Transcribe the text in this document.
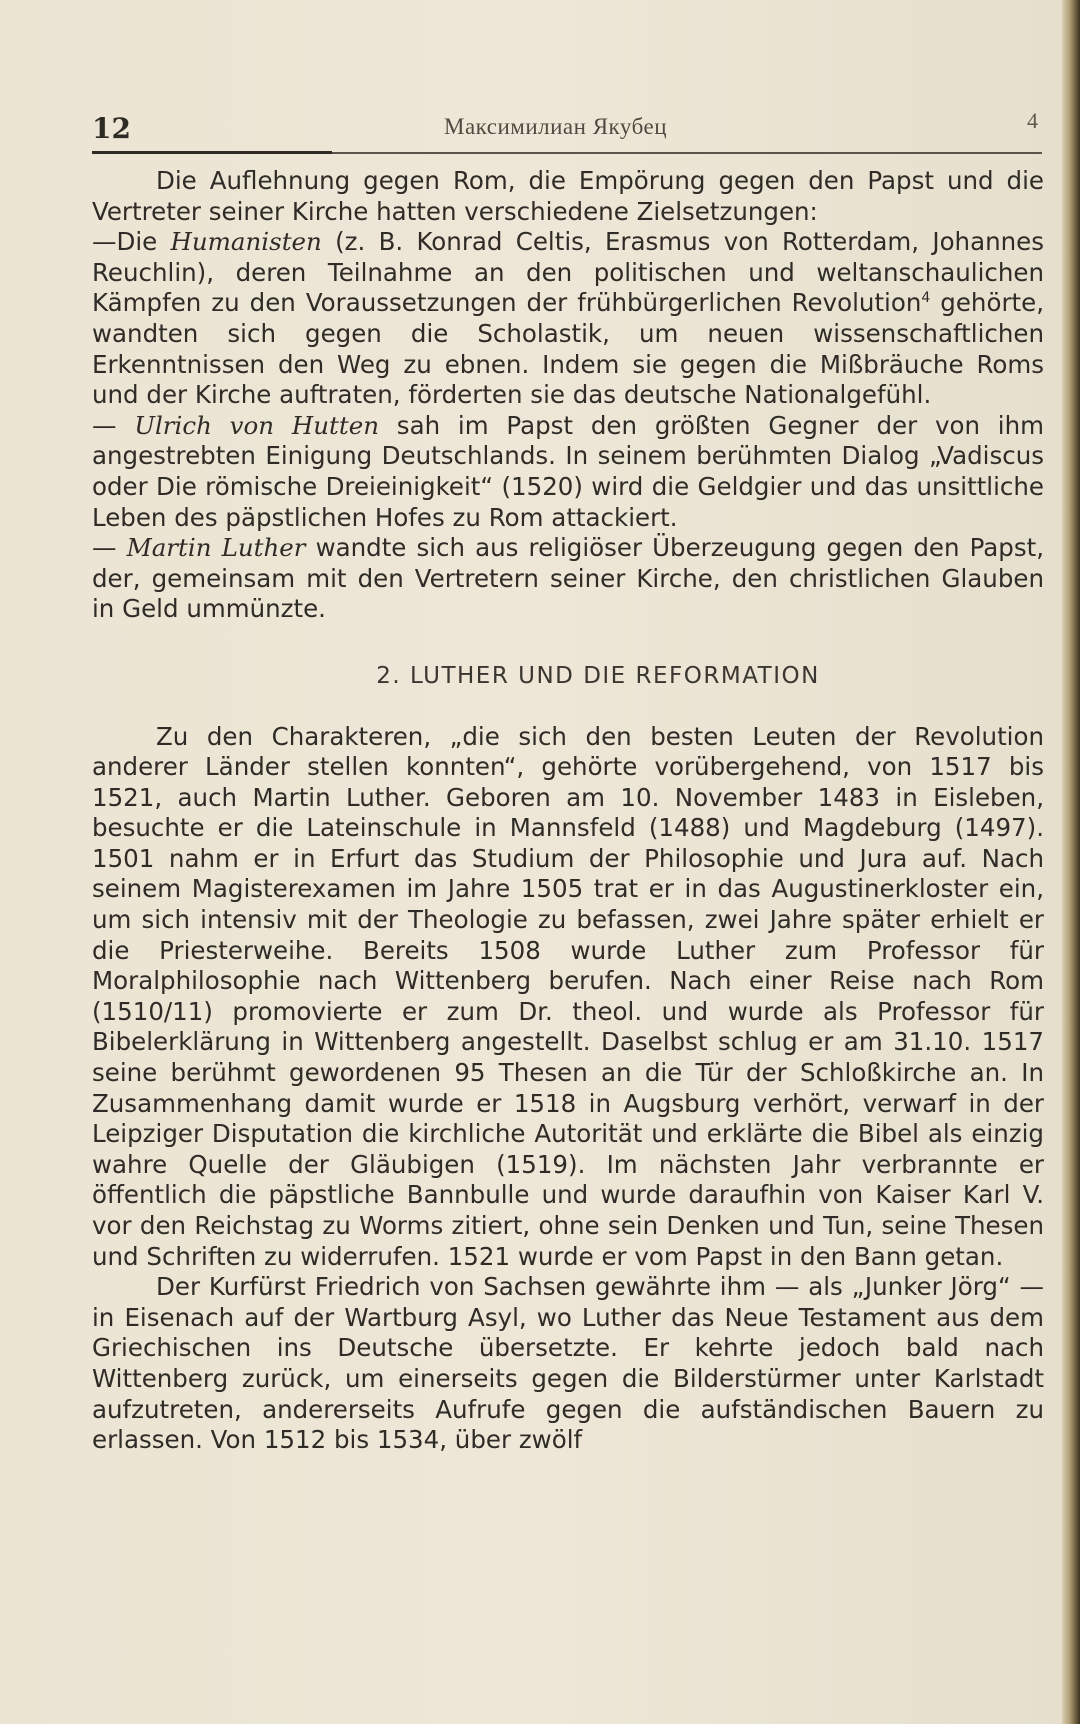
12	Максимилиан Якубец	4

Die Auflehnung gegen Rom, die Empörung gegen den Papst und die Vertreter seiner Kirche hatten verschiedene Zielsetzungen:

—Die Humanisten (z. B. Konrad Celtis, Erasmus von Rotterdam, Johannes Reuchlin), deren Teilnahme an den politischen und weltanschaulichen Kämpfen zu den Voraussetzungen der frühbürgerlichen Revolution$^4$ gehörte, wandten sich gegen die Scholastik, um neuen wissenschaftlichen Erkenntnissen den Weg zu ebnen. Indem sie gegen die Mißbräuche Roms und der Kirche auftraten, förderten sie das deutsche Nationalgefühl.

— Ulrich von Hutten sah im Papst den größten Gegner der von ihm angestrebten Einigung Deutschlands. In seinem berühmten Dialog „Vadiscus oder Die römische Dreieinigkeit“ (1520) wird die Geldgier und das unsittliche Leben des päpstlichen Hofes zu Rom attackiert.

— Martin Luther wandte sich aus religiöser Überzeugung gegen den Papst, der, gemeinsam mit den Vertretern seiner Kirche, den christlichen Glauben in Geld ummünzte.

2. LUTHER UND DIE REFORMATION

Zu den Charakteren, „die sich den besten Leuten der Revolution anderer Länder stellen konnten“, gehörte vorübergehend, von 1517 bis 1521, auch Martin Luther. Geboren am 10. November 1483 in Eisleben, besuchte er die Lateinschule in Mannsfeld (1488) und Magdeburg (1497). 1501 nahm er in Erfurt das Studium der Philosophie und Jura auf. Nach seinem Magisterexamen im Jahre 1505 trat er in das Augustinerkloster ein, um sich intensiv mit der Theologie zu befassen, zwei Jahre später erhielt er die Priesterweihe. Bereits 1508 wurde Luther zum Professor für Moralphilosophie nach Wittenberg berufen. Nach einer Reise nach Rom (1510/11) promovierte er zum Dr. theol. und wurde als Professor für Bibelerklärung in Wittenberg angestellt. Daselbst schlug er am 31.10. 1517 seine berühmt gewordenen 95 Thesen an die Tür der Schloßkirche an. In Zusammenhang damit wurde er 1518 in Augsburg verhört, verwarf in der Leipziger Disputation die kirchliche Autorität und erklärte die Bibel als einzig wahre Quelle der Gläubigen (1519). Im nächsten Jahr verbrannte er öffentlich die päpstliche Bannbulle und wurde daraufhin von Kaiser Karl V. vor den Reichstag zu Worms zitiert, ohne sein Denken und Tun, seine Thesen und Schriften zu widerrufen. 1521 wurde er vom Papst in den Bann getan.

Der Kurfürst Friedrich von Sachsen gewährte ihm — als „Junker Jörg“ — in Eisenach auf der Wartburg Asyl, wo Luther das Neue Testament aus dem Griechischen ins Deutsche übersetzte. Er kehrte jedoch bald nach Wittenberg zurück, um einerseits gegen die Bilderstürmer unter Karlstadt aufzutreten, andererseits Aufrufe gegen die aufständischen Bauern zu erlassen. Von 1512 bis 1534, über zwölf
